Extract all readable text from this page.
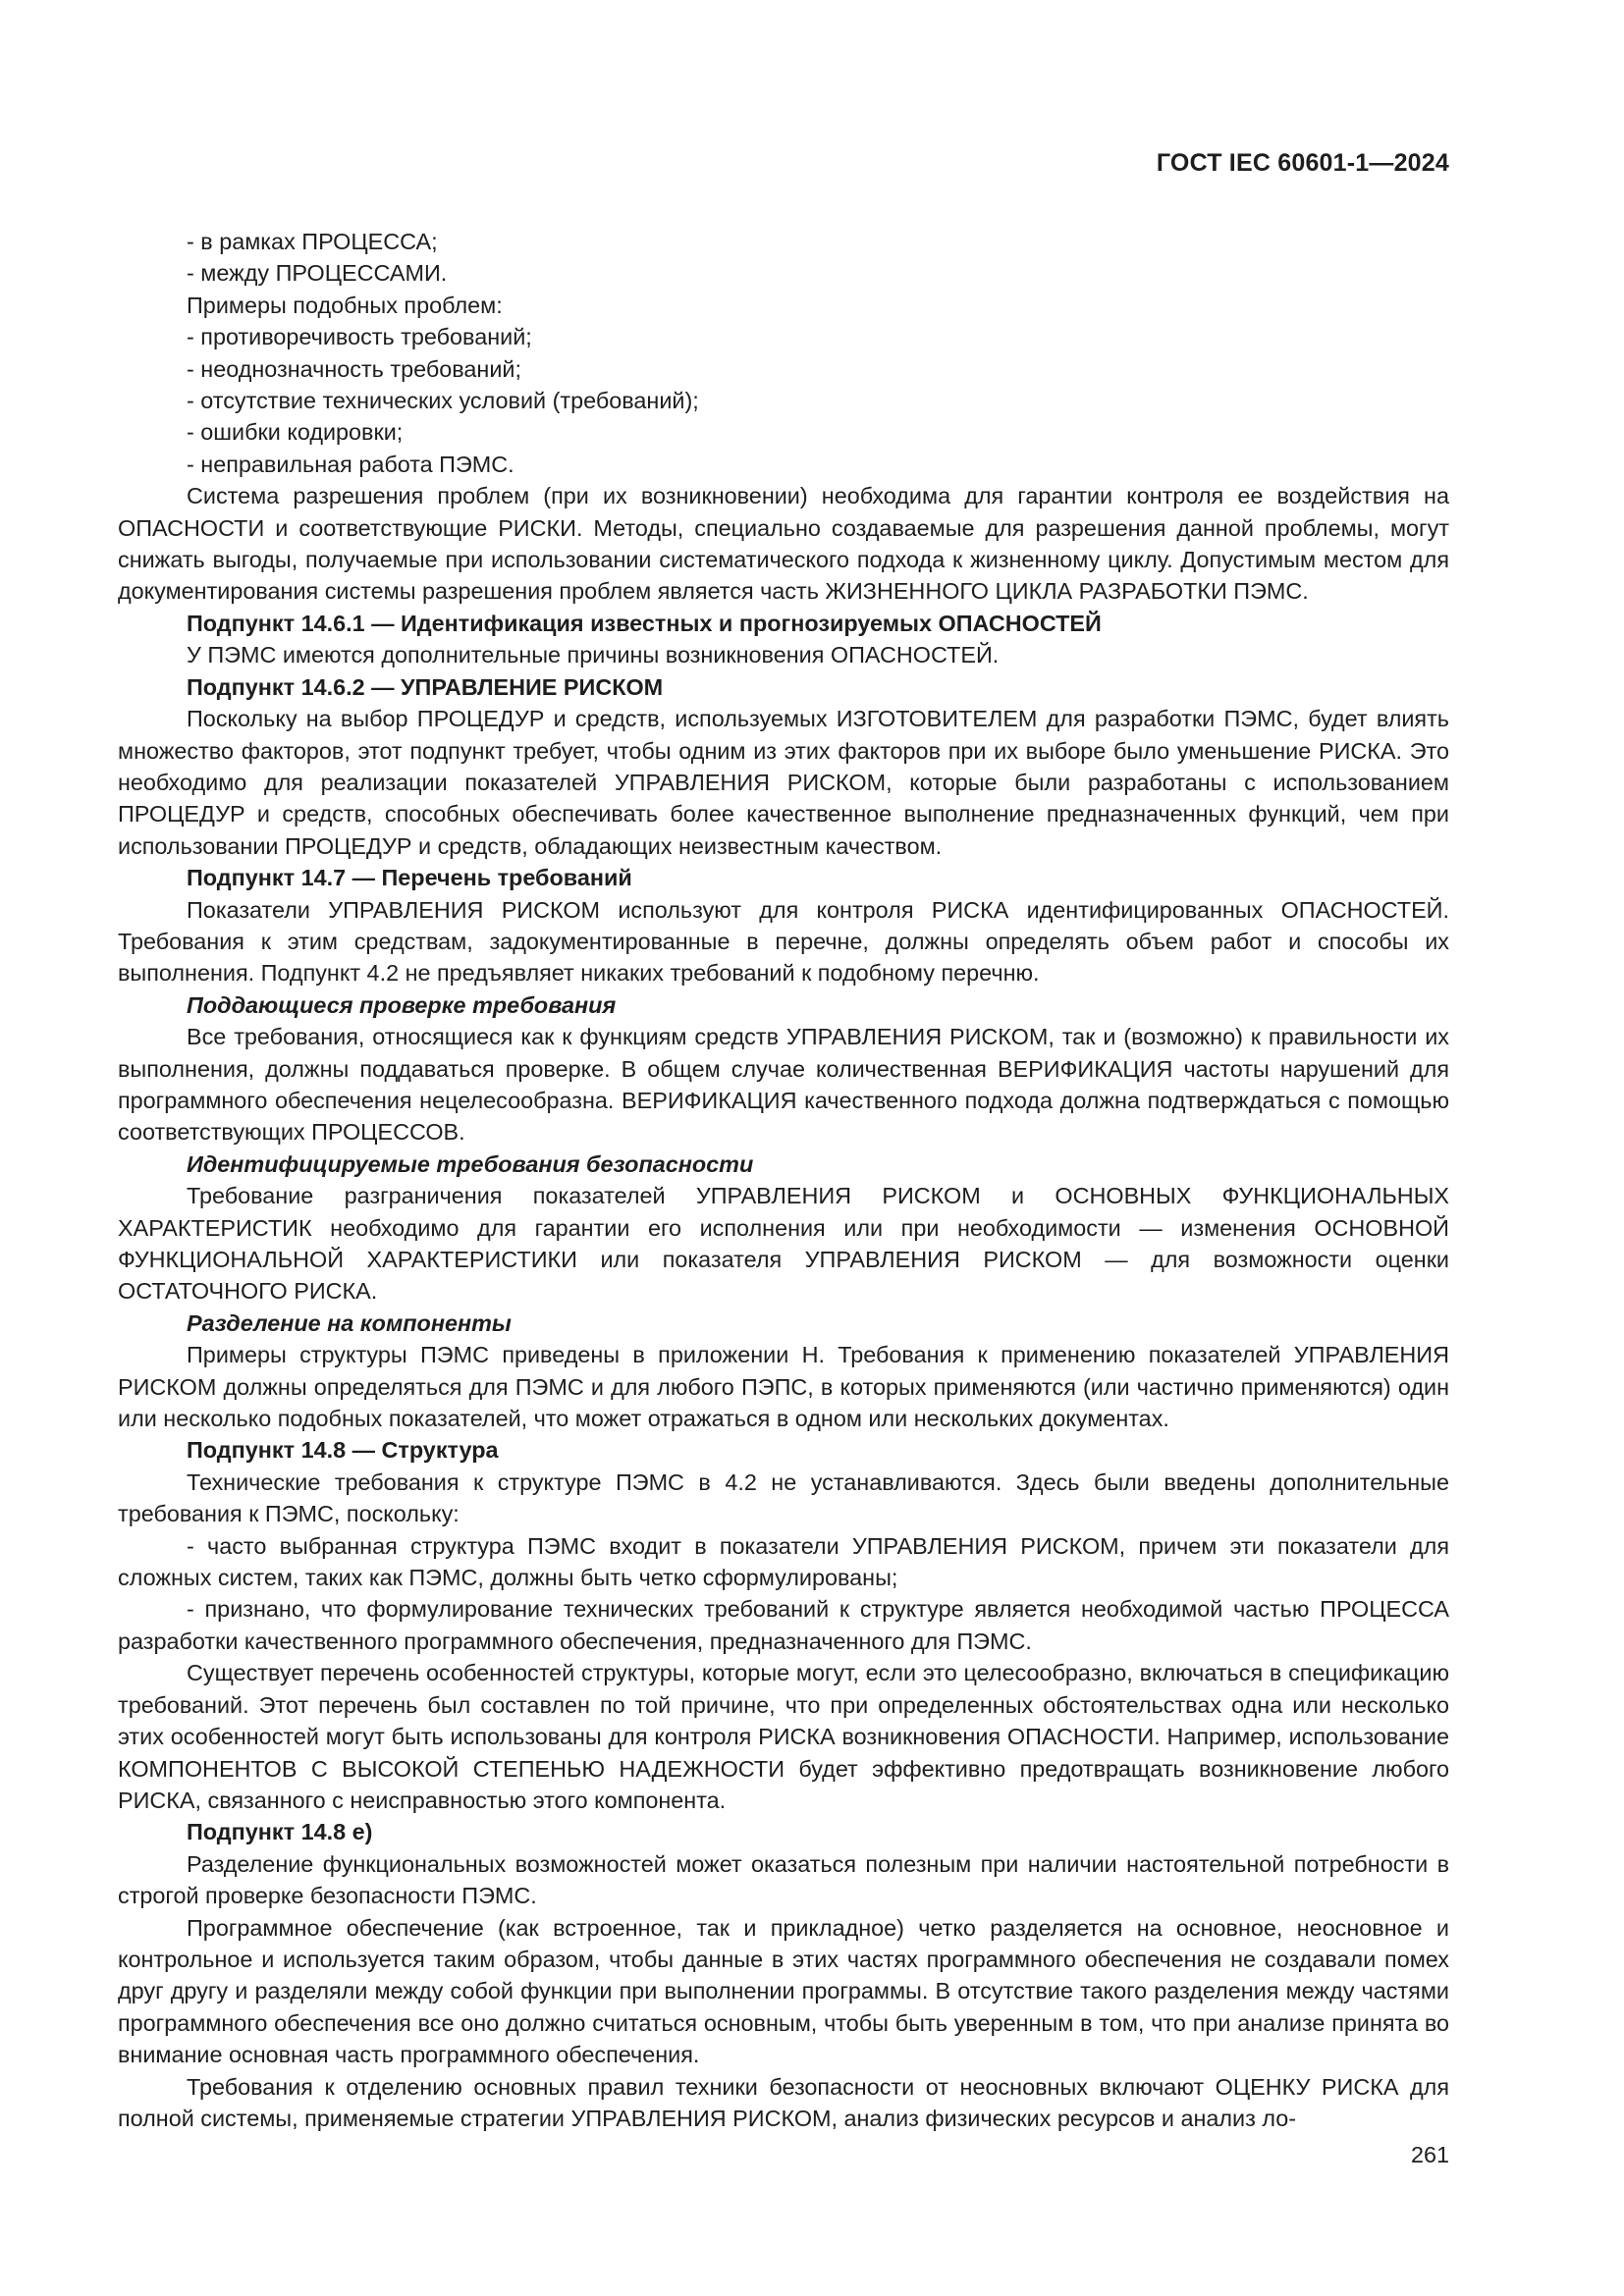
ГОСТ IEC 60601-1—2024

- в рамках ПРОЦЕССА;

- между ПРОЦЕССАМИ.

Примеры подобных проблем:

- противоречивость требований;

- неоднозначность требований;

- отсутствие технических условий (требований);

- ошибки кодировки;

- неправильная работа ПЭМС.

Система разрешения проблем (при их возникновении) необходима для гарантии контроля ее воздействия на ОПАСНОСТИ и соответствующие РИСКИ. Методы, специально создаваемые для разрешения данной проблемы, могут снижать выгоды, получаемые при использовании систематического подхода к жизненному циклу. Допустимым местом для документирования системы разрешения проблем является часть ЖИЗНЕННОГО ЦИКЛА РАЗРАБОТКИ ПЭМС.

Подпункт 14.6.1 — Идентификация известных и прогнозируемых ОПАСНОСТЕЙ

У ПЭМС имеются дополнительные причины возникновения ОПАСНОСТЕЙ.

Подпункт 14.6.2 — УПРАВЛЕНИЕ РИСКОМ

Поскольку на выбор ПРОЦЕДУР и средств, используемых ИЗГОТОВИТЕЛЕМ для разработки ПЭМС, будет влиять множество факторов, этот подпункт требует, чтобы одним из этих факторов при их выборе было уменьшение РИСКА. Это необходимо для реализации показателей УПРАВЛЕНИЯ РИСКОМ, которые были разработаны с использованием ПРОЦЕДУР и средств, способных обеспечивать более качественное выполнение предназначенных функций, чем при использовании ПРОЦЕДУР и средств, обладающих неизвестным качеством.

Подпункт 14.7 — Перечень требований

Показатели УПРАВЛЕНИЯ РИСКОМ используют для контроля РИСКА идентифицированных ОПАСНОСТЕЙ. Требования к этим средствам, задокументированные в перечне, должны определять объем работ и способы их выполнения. Подпункт 4.2 не предъявляет никаких требований к подобному перечню.

Поддающиеся проверке требования

Все требования, относящиеся как к функциям средств УПРАВЛЕНИЯ РИСКОМ, так и (возможно) к правильности их выполнения, должны поддаваться проверке. В общем случае количественная ВЕРИФИКАЦИЯ частоты нарушений для программного обеспечения нецелесообразна. ВЕРИФИКАЦИЯ качественного подхода должна подтверждаться с помощью соответствующих ПРОЦЕССОВ.

Идентифицируемые требования безопасности

Требование разграничения показателей УПРАВЛЕНИЯ РИСКОМ и ОСНОВНЫХ ФУНКЦИОНАЛЬНЫХ ХАРАКТЕРИСТИК необходимо для гарантии его исполнения или при необходимости — изменения ОСНОВНОЙ ФУНКЦИОНАЛЬНОЙ ХАРАКТЕРИСТИКИ или показателя УПРАВЛЕНИЯ РИСКОМ — для возможности оценки ОСТАТОЧНОГО РИСКА.

Разделение на компоненты

Примеры структуры ПЭМС приведены в приложении Н. Требования к применению показателей УПРАВЛЕНИЯ РИСКОМ должны определяться для ПЭМС и для любого ПЭПС, в которых применяются (или частично применяются) один или несколько подобных показателей, что может отражаться в одном или нескольких документах.

Подпункт 14.8 — Структура

Технические требования к структуре ПЭМС в 4.2 не устанавливаются. Здесь были введены дополнительные требования к ПЭМС, поскольку:

- часто выбранная структура ПЭМС входит в показатели УПРАВЛЕНИЯ РИСКОМ, причем эти показатели для сложных систем, таких как ПЭМС, должны быть четко сформулированы;

- признано, что формулирование технических требований к структуре является необходимой частью ПРОЦЕССА разработки качественного программного обеспечения, предназначенного для ПЭМС.

Существует перечень особенностей структуры, которые могут, если это целесообразно, включаться в спецификацию требований. Этот перечень был составлен по той причине, что при определенных обстоятельствах одна или несколько этих особенностей могут быть использованы для контроля РИСКА возникновения ОПАСНОСТИ. Например, использование КОМПОНЕНТОВ С ВЫСОКОЙ СТЕПЕНЬЮ НАДЕЖНОСТИ будет эффективно предотвращать возникновение любого РИСКА, связанного с неисправностью этого компонента.

Подпункт 14.8 е)

Разделение функциональных возможностей может оказаться полезным при наличии настоятельной потребности в строгой проверке безопасности ПЭМС.

Программное обеспечение (как встроенное, так и прикладное) четко разделяется на основное, неосновное и контрольное и используется таким образом, чтобы данные в этих частях программного обеспечения не создавали помех друг другу и разделяли между собой функции при выполнении программы. В отсутствие такого разделения между частями программного обеспечения все оно должно считаться основным, чтобы быть уверенным в том, что при анализе принята во внимание основная часть программного обеспечения.

Требования к отделению основных правил техники безопасности от неосновных включают ОЦЕНКУ РИСКА для полной системы, применяемые стратегии УПРАВЛЕНИЯ РИСКОМ, анализ физических ресурсов и анализ ло-

261
